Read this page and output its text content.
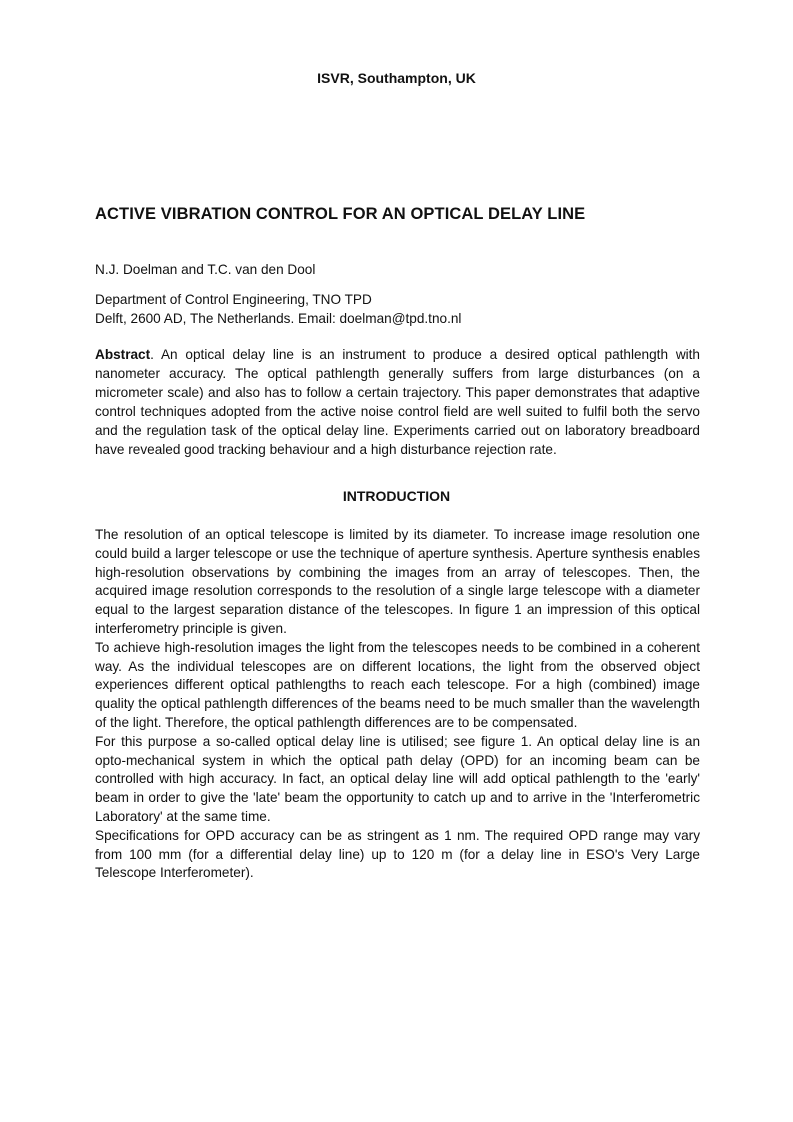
ISVR, Southampton, UK
ACTIVE VIBRATION CONTROL FOR AN OPTICAL DELAY LINE
N.J. Doelman and T.C. van den Dool
Department of Control Engineering, TNO TPD
Delft, 2600 AD, The Netherlands. Email: doelman@tpd.tno.nl
Abstract. An optical delay line is an instrument to produce a desired optical pathlength with nanometer accuracy. The optical pathlength generally suffers from large disturbances (on a micrometer scale) and also has to follow a certain trajectory. This paper demonstrates that adaptive control techniques adopted from the active noise control field are well suited to fulfil both the servo and the regulation task of the optical delay line. Experiments carried out on laboratory breadboard have revealed good tracking behaviour and a high disturbance rejection rate.
INTRODUCTION

The resolution of an optical telescope is limited by its diameter. To increase image resolution one could build a larger telescope or use the technique of aperture synthesis. Aperture synthesis enables high-resolution observations by combining the images from an array of telescopes. Then, the acquired image resolution corresponds to the resolution of a single large telescope with a diameter equal to the largest separation distance of the telescopes. In figure 1 an impression of this optical interferometry principle is given.

To achieve high-resolution images the light from the telescopes needs to be combined in a coherent way. As the individual telescopes are on different locations, the light from the observed object experiences different optical pathlengths to reach each telescope. For a high (combined) image quality the optical pathlength differences of the beams need to be much smaller than the wavelength of the light. Therefore, the optical pathlength differences are to be compensated.

For this purpose a so-called optical delay line is utilised; see figure 1. An optical delay line is an opto-mechanical system in which the optical path delay (OPD) for an incoming beam can be controlled with high accuracy. In fact, an optical delay line will add optical pathlength to the 'early' beam in order to give the 'late' beam the opportunity to catch up and to arrive in the 'Interferometric Laboratory' at the same time.

Specifications for OPD accuracy can be as stringent as 1 nm. The required OPD range may vary from 100 mm (for a differential delay line) up to 120 m (for a delay line in ESO's Very Large Telescope Interferometer).
